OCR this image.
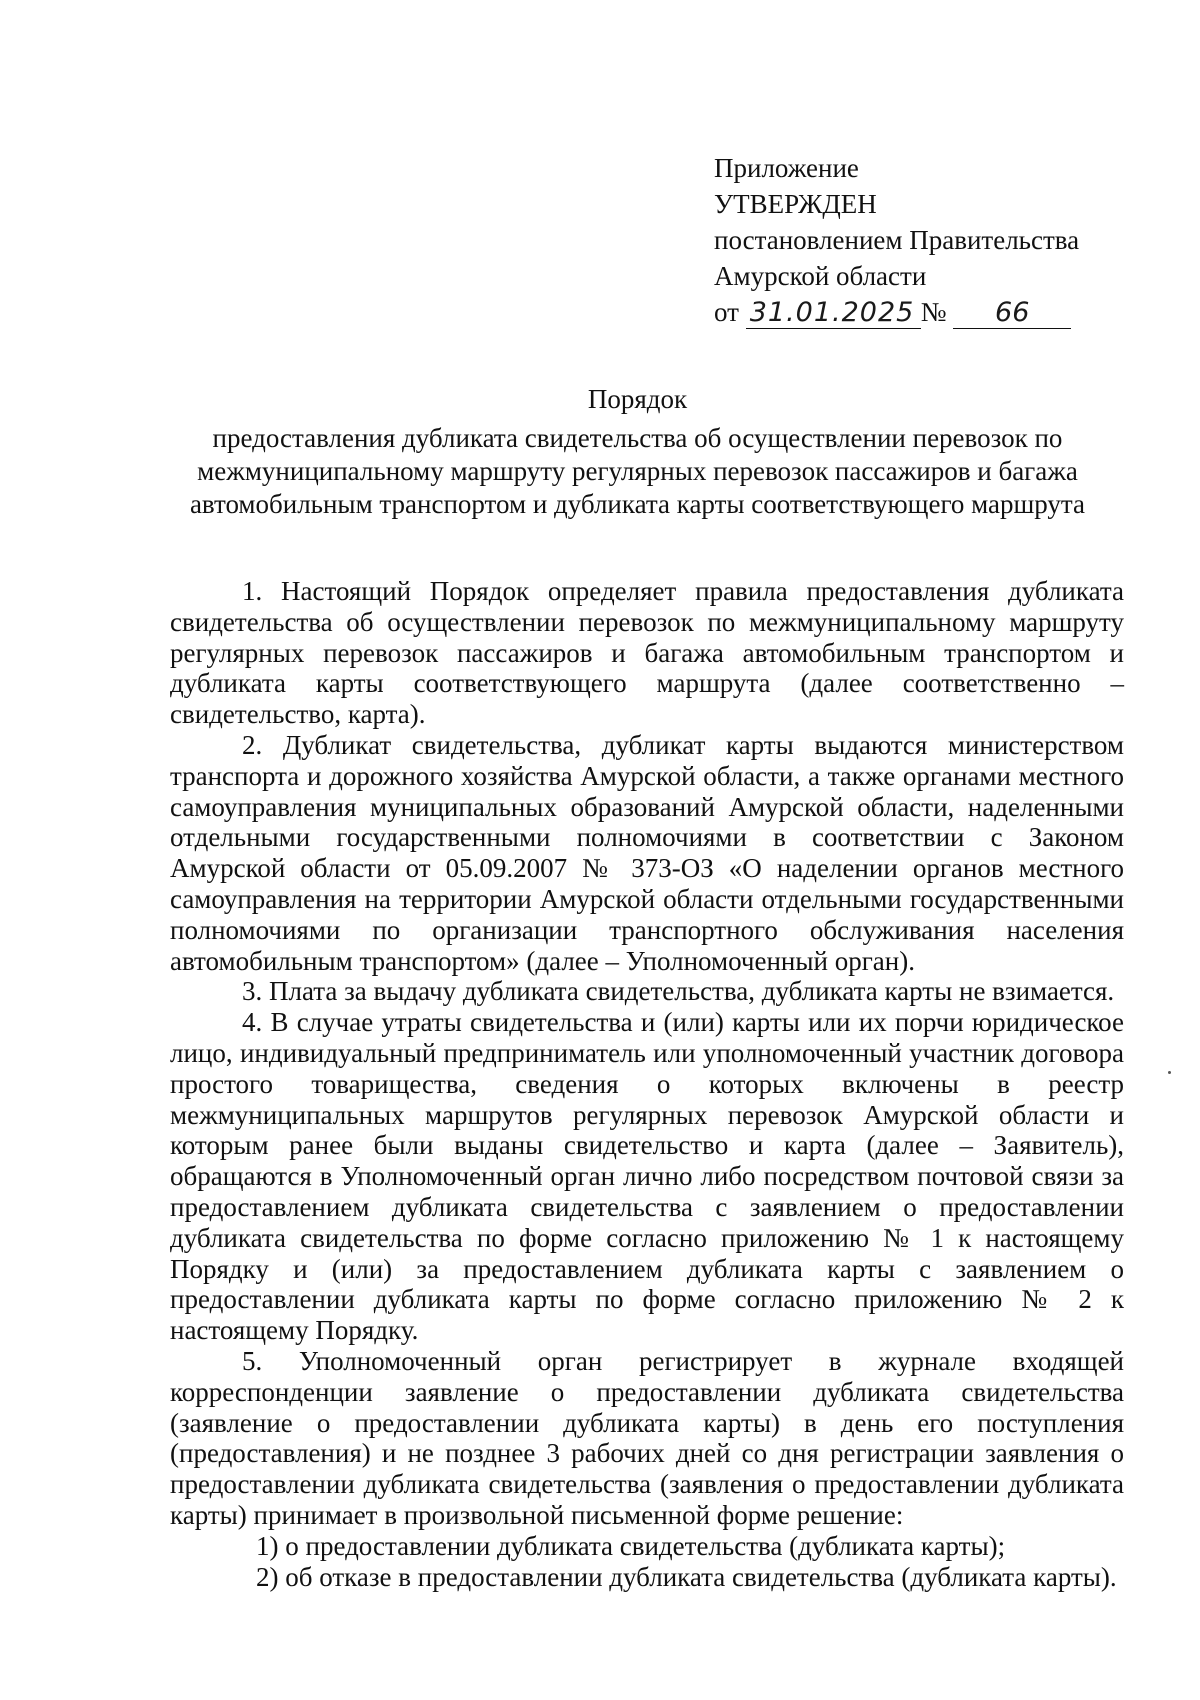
Приложение
УТВЕРЖДЕН
постановлением Правительства
Амурской области
от 31.01.2025 № 66
Порядок
предоставления дубликата свидетельства об осуществлении перевозок по межмуниципальному маршруту регулярных перевозок пассажиров и багажа автомобильным транспортом и дубликата карты соответствующего маршрута

1. Настоящий Порядок определяет правила предоставления дубликата свидетельства об осуществлении перевозок по межмуниципальному маршруту регулярных перевозок пассажиров и багажа автомобильным транспортом и дубликата карты соответствующего маршрута (далее соответственно – свидетельство, карта).

2. Дубликат свидетельства, дубликат карты выдаются министерством транспорта и дорожного хозяйства Амурской области, а также органами местного самоуправления муниципальных образований Амурской области, наделенными отдельными государственными полномочиями в соответствии с Законом Амурской области от 05.09.2007 № 373-ОЗ «О наделении органов местного самоуправления на территории Амурской области отдельными государственными полномочиями по организации транспортного обслуживания населения автомобильным транспортом» (далее – Уполномоченный орган).

3. Плата за выдачу дубликата свидетельства, дубликата карты не взимается.

4. В случае утраты свидетельства и (или) карты или их порчи юридическое лицо, индивидуальный предприниматель или уполномоченный участник договора простого товарищества, сведения о которых включены в реестр межмуниципальных маршрутов регулярных перевозок Амурской области и которым ранее были выданы свидетельство и карта (далее – Заявитель), обращаются в Уполномоченный орган лично либо посредством почтовой связи за предоставлением дубликата свидетельства с заявлением о предоставлении дубликата свидетельства по форме согласно приложению № 1 к настоящему Порядку и (или) за предоставлением дубликата карты с заявлением о предоставлении дубликата карты по форме согласно приложению № 2 к настоящему Порядку.

5. Уполномоченный орган регистрирует в журнале входящей корреспонденции заявление о предоставлении дубликата свидетельства (заявление о предоставлении дубликата карты) в день его поступления (предоставления) и не позднее 3 рабочих дней со дня регистрации заявления о предоставлении дубликата свидетельства (заявления о предоставлении дубликата карты) принимает в произвольной письменной форме решение:

1) о предоставлении дубликата свидетельства (дубликата карты);

2) об отказе в предоставлении дубликата свидетельства (дубликата карты).
